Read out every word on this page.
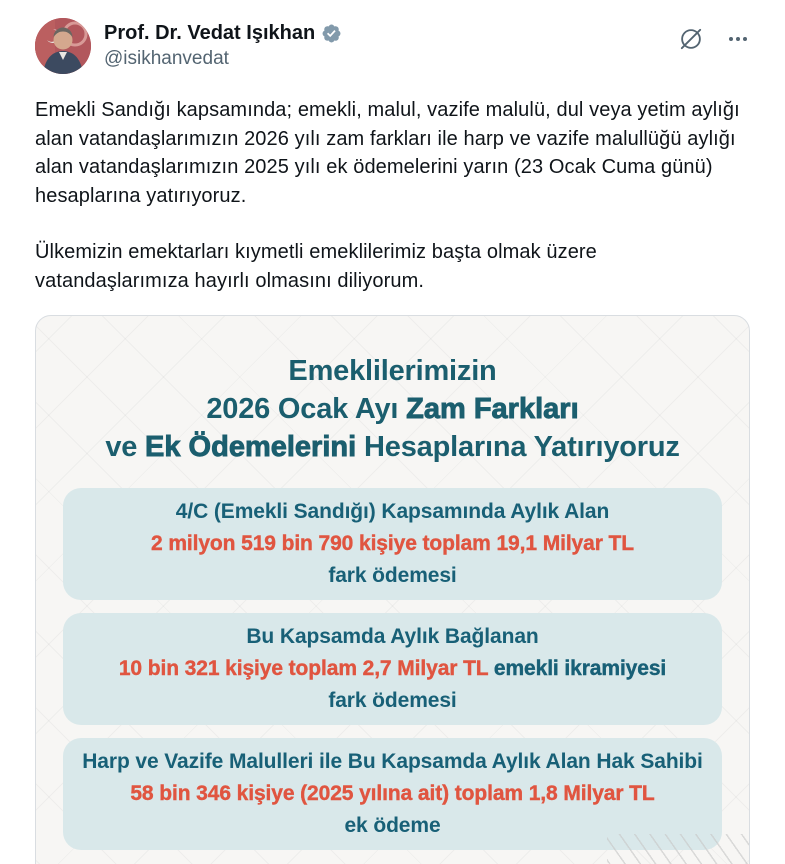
Prof. Dr. Vedat Işıkhan
@isikhanvedat

Emekli Sandığı kapsamında; emekli, malul, vazife malulü, dul veya yetim aylığı alan vatandaşlarımızın 2026 yılı zam farkları ile harp ve vazife malullüğü aylığı alan vatandaşlarımızın 2025 yılı ek ödemelerini yarın (23 Ocak Cuma günü) hesaplarına yatırıyoruz.

Ülkemizin emektarları kıymetli emeklilerimiz başta olmak üzere vatandaşlarımıza hayırlı olmasını diliyorum.

Emeklilerimizin
2026 Ocak Ayı Zam Farkları
ve Ek Ödemelerini Hesaplarına Yatırıyoruz
4/C (Emekli Sandığı) Kapsamında Aylık Alan
2 milyon 519 bin 790 kişiye toplam 19,1 Milyar TL
fark ödemesi
Bu Kapsamda Aylık Bağlanan
10 bin 321 kişiye toplam 2,7 Milyar TL emekli ikramiyesi
fark ödemesi
Harp ve Vazife Malulleri ile Bu Kapsamda Aylık Alan Hak Sahibi
58 bin 346 kişiye (2025 yılına ait) toplam 1,8 Milyar TL
ek ödeme
